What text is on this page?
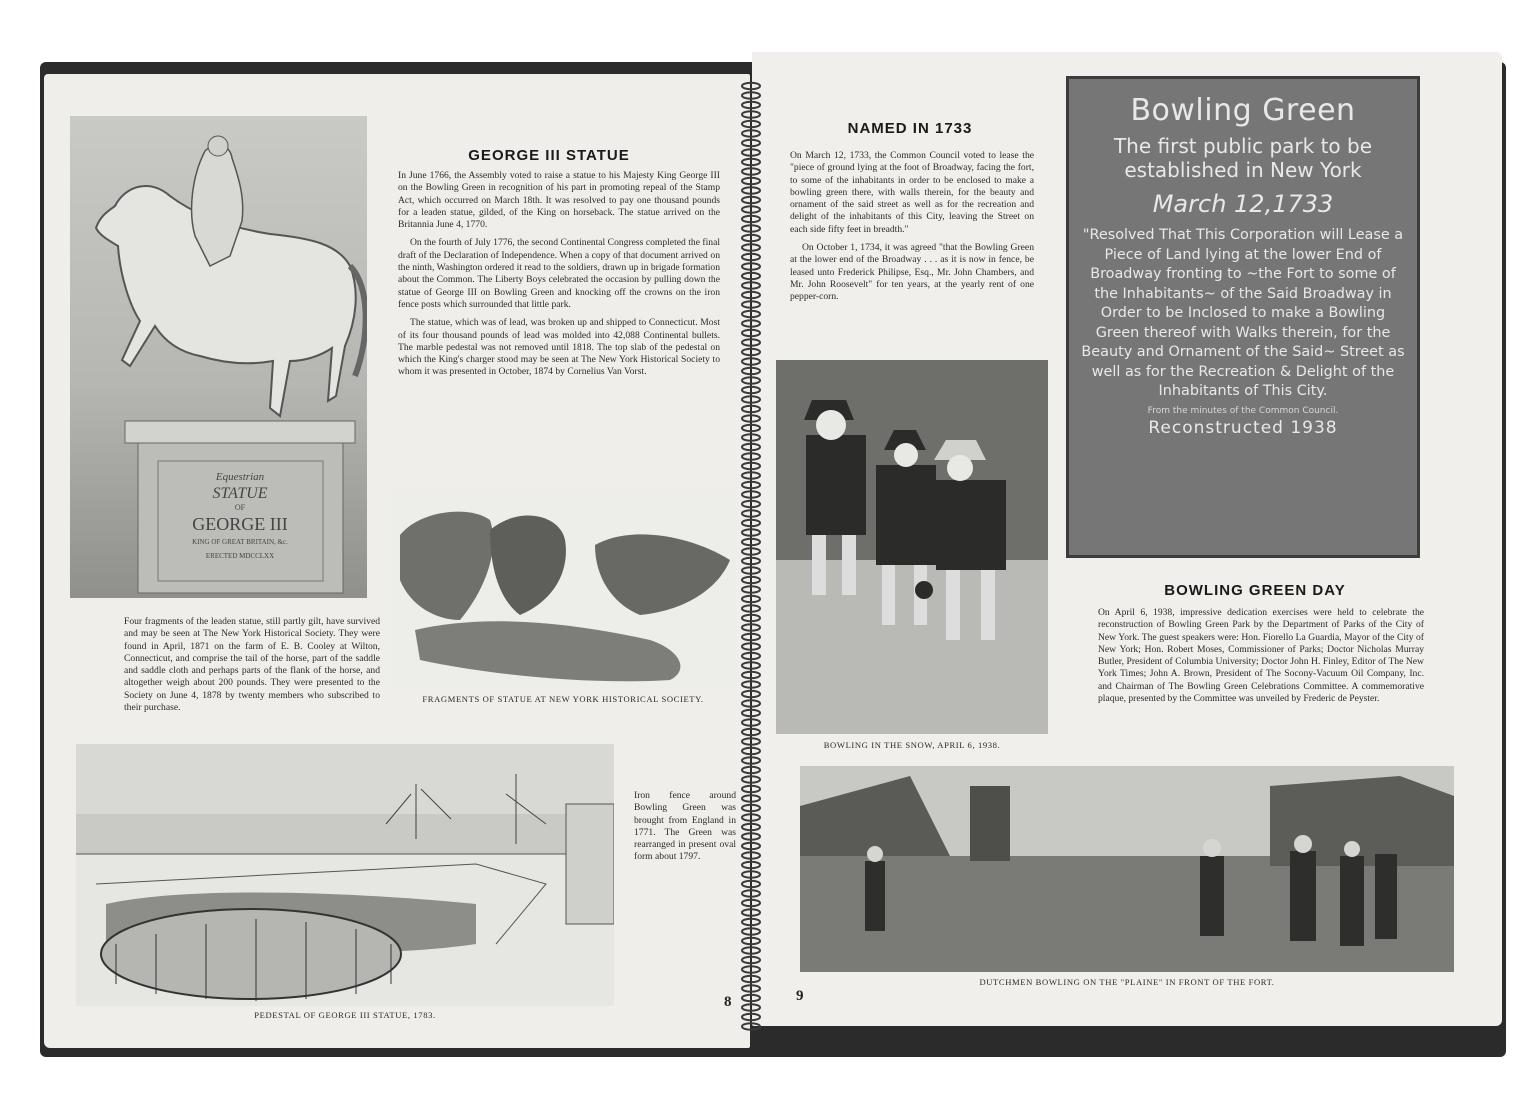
Equestrian
STATUE
OF
GEORGE III
KING OF GREAT BRITAIN, &c.
ERECTED MDCCLXX
GEORGE III STATUE

In June 1766, the Assembly voted to raise a statue to his Majesty King George III on the Bowling Green in recognition of his part in promoting repeal of the Stamp Act, which occurred on March 18th. It was resolved to pay one thousand pounds for a leaden statue, gilded, of the King on horseback. The statue arrived on the Britannia June 4, 1770.

On the fourth of July 1776, the second Continental Congress completed the final draft of the Declaration of Independence. When a copy of that document arrived on the ninth, Washington ordered it read to the soldiers, drawn up in brigade formation about the Common. The Liberty Boys celebrated the occasion by pulling down the statue of George III on Bowling Green and knocking off the crowns on the iron fence posts which surrounded that little park.

The statue, which was of lead, was broken up and shipped to Connecticut. Most of its four thousand pounds of lead was molded into 42,088 Continental bullets. The marble pedestal was not removed until 1818. The top slab of the pedestal on which the King's charger stood may be seen at The New York Historical Society to whom it was presented in October, 1874 by Cornelius Van Vorst.

Four fragments of the leaden statue, still partly gilt, have survived and may be seen at The New York Historical Society. They were found in April, 1871 on the farm of E. B. Cooley at Wilton, Connecticut, and comprise the tail of the horse, part of the saddle and saddle cloth and perhaps parts of the flank of the horse, and altogether weigh about 200 pounds. They were presented to the Society on June 4, 1878 by twenty members who subscribed to their purchase.

FRAGMENTS OF STATUE AT NEW YORK HISTORICAL SOCIETY.

Iron fence around Bowling Green was brought from England in 1771. The Green was rearranged in present oval form about 1797.

PEDESTAL OF GEORGE III STATUE, 1783.
8
NAMED IN 1733

On March 12, 1733, the Common Council voted to lease the "piece of ground lying at the foot of Broadway, facing the fort, to some of the inhabitants in order to be enclosed to make a bowling green there, with walls therein, for the beauty and ornament of the said street as well as for the recreation and delight of the inhabitants of this City, leaving the Street on each side fifty feet in breadth."

On October 1, 1734, it was agreed "that the Bowling Green at the lower end of the Broadway . . . as it is now in fence, be leased unto Frederick Philipse, Esq., Mr. John Chambers, and Mr. John Roosevelt" for ten years, at the yearly rent of one pepper-corn.

Bowling Green
The first public park to be established in New York
March 12,1733
"Resolved That This Corporation will Lease a Piece of Land lying at the lower End of Broadway fronting to ~the Fort to some of the Inhabitants~ of the Said Broadway in Order to be Inclosed to make a Bowling Green thereof with Walks therein, for the Beauty and Ornament of the Said~ Street as well as for the Recreation & Delight of the Inhabitants of This City.
From the minutes of the Common Council.
Reconstructed 1938
BOWLING IN THE SNOW, APRIL 6, 1938.
BOWLING GREEN DAY

On April 6, 1938, impressive dedication exercises were held to celebrate the reconstruction of Bowling Green Park by the Department of Parks of the City of New York. The guest speakers were: Hon. Fiorello La Guardia, Mayor of the City of New York; Hon. Robert Moses, Commissioner of Parks; Doctor Nicholas Murray Butler, President of Columbia University; Doctor John H. Finley, Editor of The New York Times; John A. Brown, President of The Socony-Vacuum Oil Company, Inc. and Chairman of The Bowling Green Celebrations Committee. A commemorative plaque, presented by the Committee was unveiled by Frederic de Peyster.

DUTCHMEN BOWLING ON THE "PLAINE" IN FRONT OF THE FORT.
9
